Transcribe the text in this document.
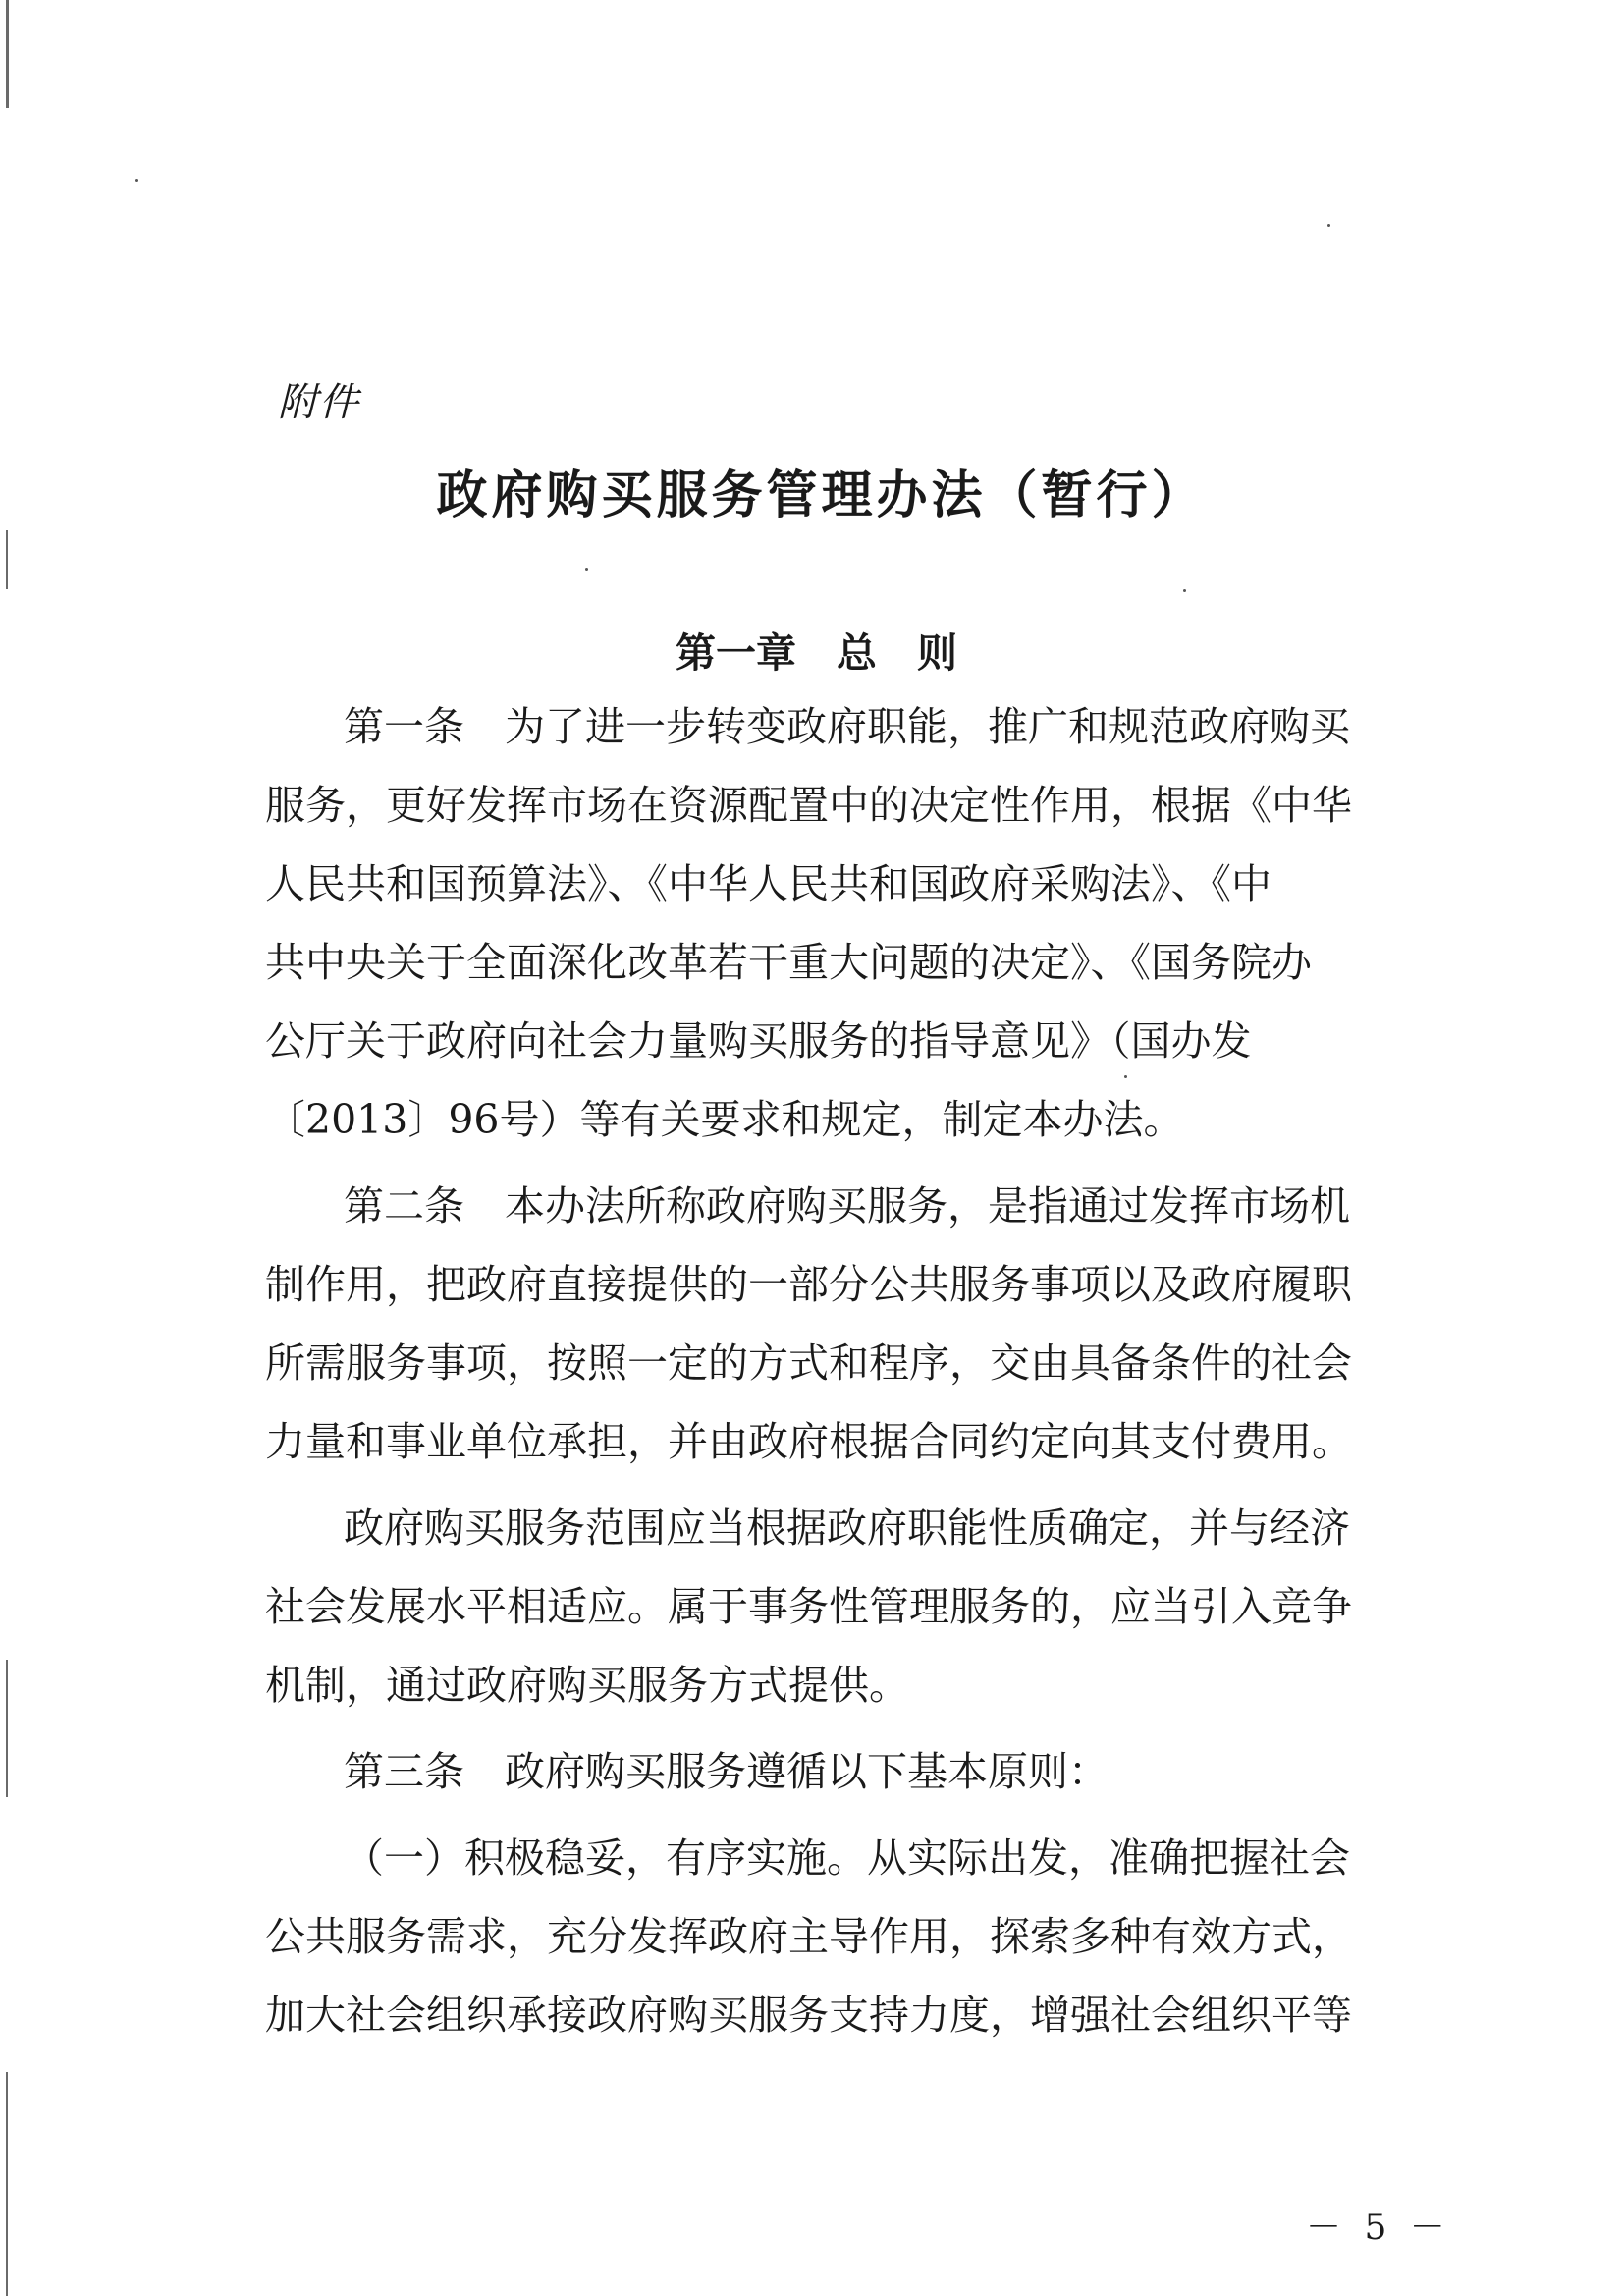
附件
政府购买服务管理办法（暂行）
第一章　总　则
第一条　为了进一步转变政府职能，推广和规范政府购买
服务，更好发挥市场在资源配置中的决定性作用，根据《中华
人民共和国预算法》、《中华人民共和国政府采购法》、《中
共中央关于全面深化改革若干重大问题的决定》、《国务院办
公厅关于政府向社会力量购买服务的指导意见》（国办发
〔2013〕96号）等有关要求和规定，制定本办法。
第二条　本办法所称政府购买服务，是指通过发挥市场机
制作用，把政府直接提供的一部分公共服务事项以及政府履职
所需服务事项，按照一定的方式和程序，交由具备条件的社会
力量和事业单位承担，并由政府根据合同约定向其支付费用。
政府购买服务范围应当根据政府职能性质确定，并与经济
社会发展水平相适应。属于事务性管理服务的，应当引入竞争
机制，通过政府购买服务方式提供。
第三条　政府购买服务遵循以下基本原则：
（一）积极稳妥，有序实施。从实际出发，准确把握社会
公共服务需求，充分发挥政府主导作用，探索多种有效方式，
加大社会组织承接政府购买服务支持力度，增强社会组织平等
－ 5 －
